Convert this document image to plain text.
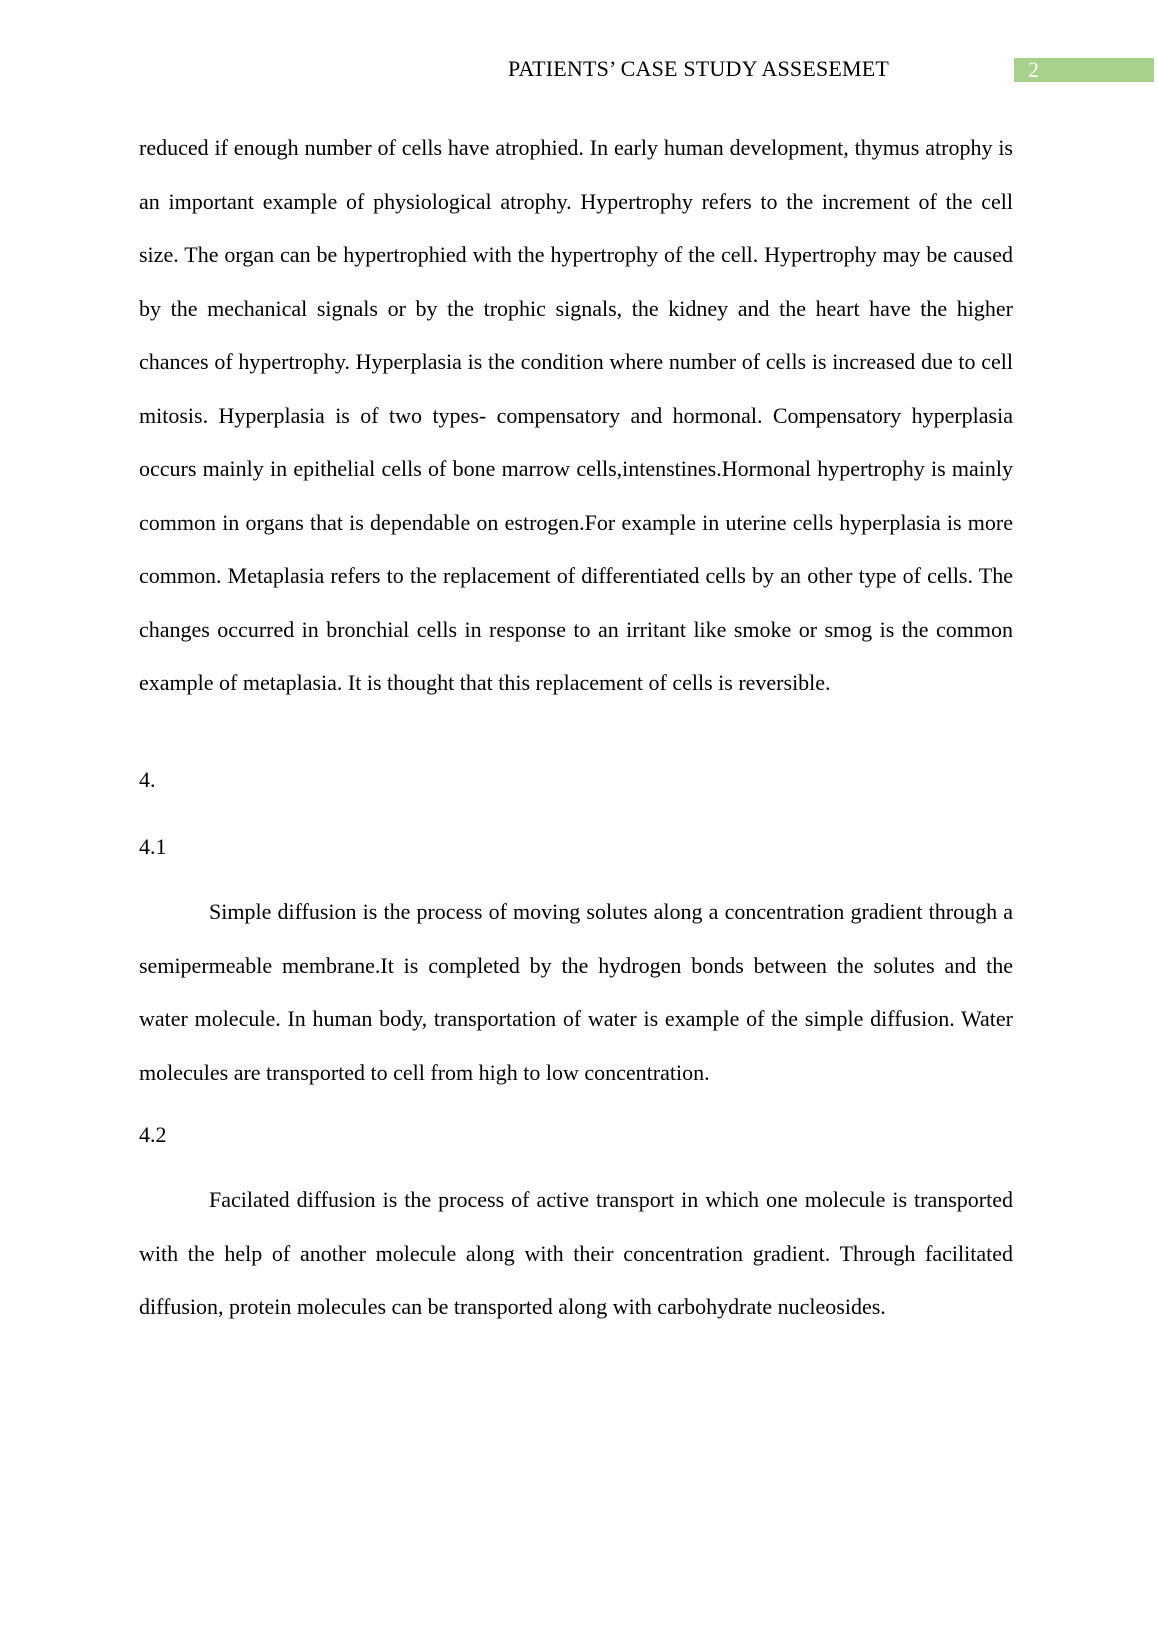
PATIENTS’ CASE STUDY ASSESEMET	2

reduced if enough number of cells have atrophied. In early human development, thymus atrophy is an important example of physiological atrophy. Hypertrophy refers to the increment of the cell size. The organ can be hypertrophied with the hypertrophy of the cell. Hypertrophy may be caused by the mechanical signals or by the trophic signals, the kidney and the heart have the higher chances of hypertrophy. Hyperplasia is the condition where number of cells is increased due to cell mitosis. Hyperplasia is of two types- compensatory and hormonal. Compensatory hyperplasia occurs mainly in epithelial cells of bone marrow cells,intenstines.Hormonal hypertrophy is mainly common in organs that is dependable on estrogen.For example in uterine cells hyperplasia is more common. Metaplasia refers to the replacement of differentiated cells by an other type of cells. The changes occurred in bronchial cells in response to an irritant like smoke or smog is the common example of metaplasia. It is thought that this replacement of cells is reversible.

4.

4.1

Simple diffusion is the process of moving solutes along a concentration gradient through a semipermeable membrane.It is completed by the hydrogen bonds between the solutes and the water molecule. In human body, transportation of water is example of the simple diffusion. Water molecules are transported to cell from high to low concentration.

4.2

Facilated diffusion is the process of active transport in which one molecule is transported with the help of another molecule along with their concentration gradient. Through facilitated diffusion, protein molecules can be transported along with carbohydrate nucleosides.
